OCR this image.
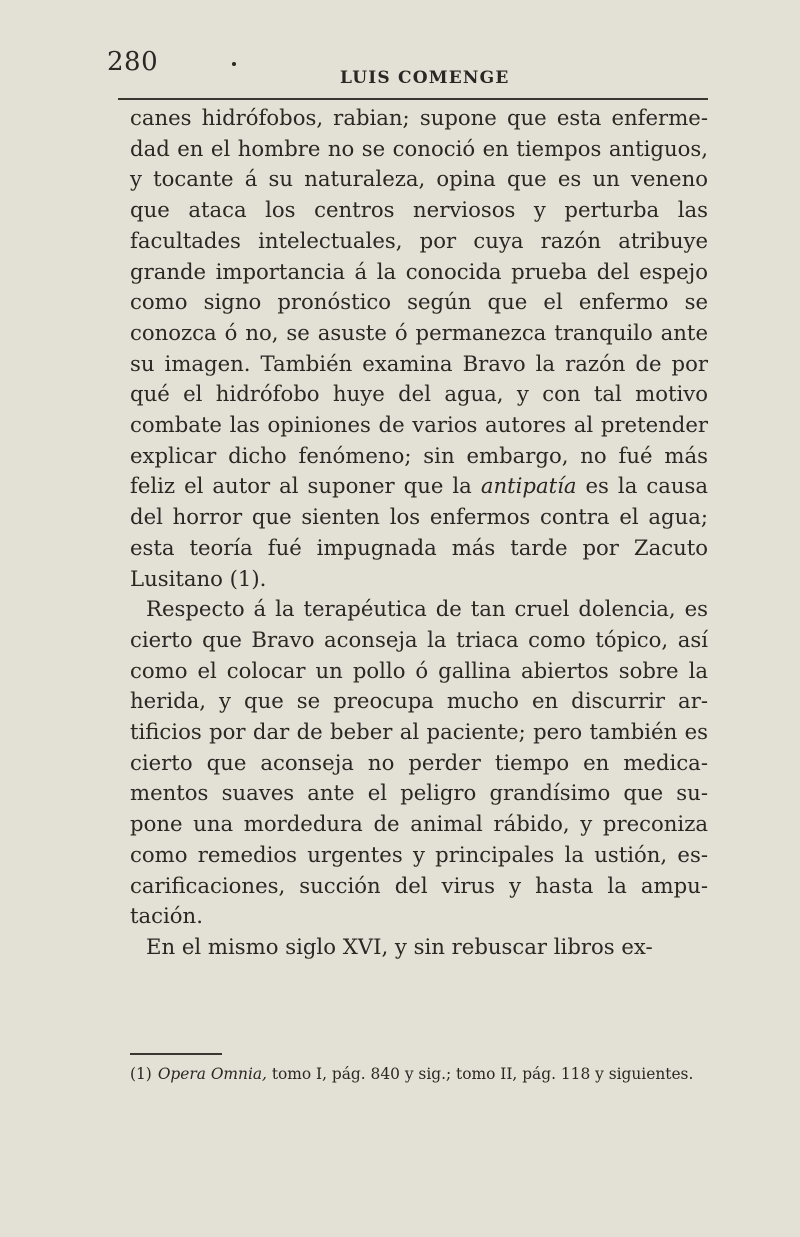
280
LUIS COMENGE

canes hidrófobos, rabian; supone que esta enfermedad en el hombre no se conoció en tiempos antiguos, y tocante á su naturaleza, opina que es un veneno que ataca los centros nerviosos y perturba las facultades intelectuales, por cuya razón atribuye grande importancia á la conocida prueba del espejo como signo pronóstico según que el enfermo se conozca ó no, se asuste ó permanezca tranquilo ante su imagen. También examina Bravo la razón de por qué el hidrófobo huye del agua, y con tal motivo combate las opiniones de varios autores al pretender explicar dicho fenómeno; sin embargo, no fué más feliz el autor al suponer que la antipatía es la causa del horror que sienten los enfermos contra el agua; esta teoría fué impugnada más tarde por Zacuto Lusitano (1).

Respecto á la terapéutica de tan cruel dolencia, es cierto que Bravo aconseja la triaca como tópico, así como el colocar un pollo ó gallina abiertos sobre la herida, y que se preocupa mucho en discurrir artificios por dar de beber al paciente; pero también es cierto que aconseja no perder tiempo en medicamentos suaves ante el peligro grandísimo que supone una mordedura de animal rábido, y preconiza como remedios urgentes y principales la ustión, escarificaciones, succión del virus y hasta la amputación.

En el mismo siglo XVI, y sin rebuscar libros ex-

(1) Opera Omnia, tomo I, pág. 840 y sig.; tomo II, pág. 118 y siguientes.
